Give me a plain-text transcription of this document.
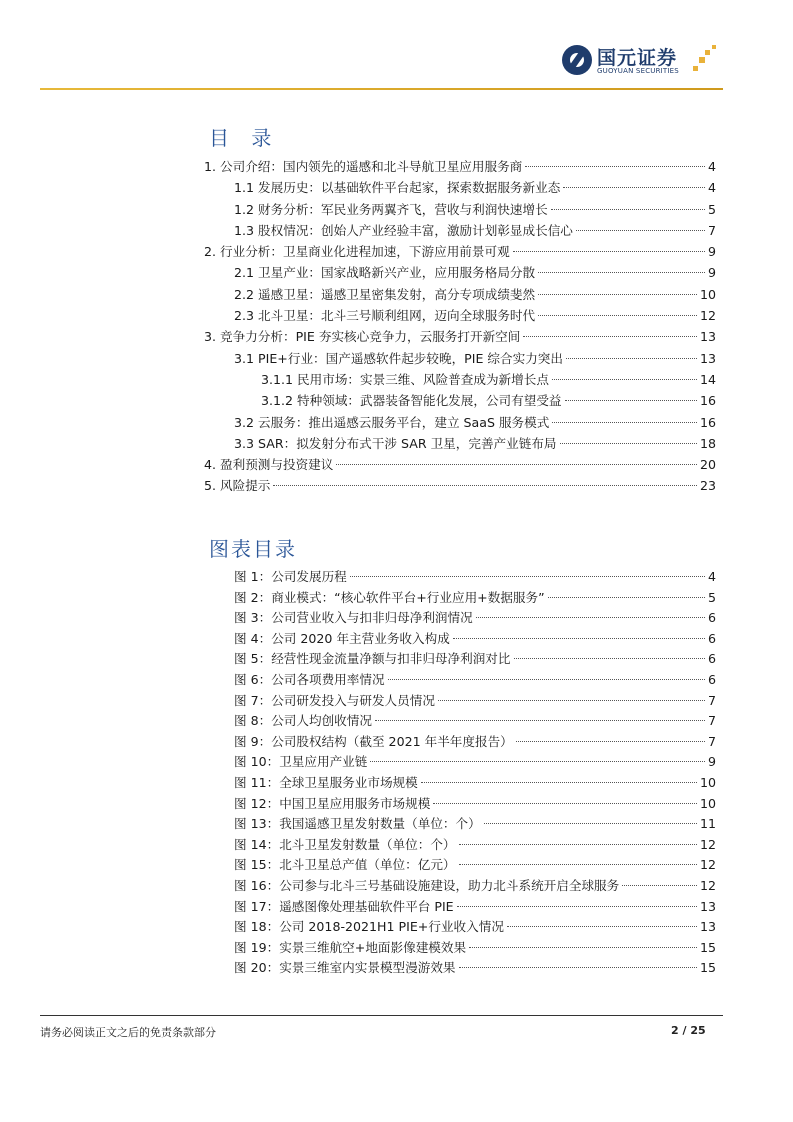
国元证券
GUOYUAN SECURITIES
目 录
1. 公司介绍：国内领先的遥感和北斗导航卫星应用服务商	4
1.1 发展历史：以基础软件平台起家，探索数据服务新业态	4
1.2 财务分析：军民业务两翼齐飞，营收与利润快速增长	5
1.3 股权情况：创始人产业经验丰富，激励计划彰显成长信心	7
2. 行业分析：卫星商业化进程加速，下游应用前景可观	9
2.1 卫星产业：国家战略新兴产业，应用服务格局分散	9
2.2 遥感卫星：遥感卫星密集发射，高分专项成绩斐然	10
2.3 北斗卫星：北斗三号顺利组网，迈向全球服务时代	12
3. 竞争力分析：PIE 夯实核心竞争力，云服务打开新空间	13
3.1 PIE+行业：国产遥感软件起步较晚，PIE 综合实力突出	13
3.1.1 民用市场：实景三维、风险普查成为新增长点	14
3.1.2 特种领域：武器装备智能化发展，公司有望受益	16
3.2 云服务：推出遥感云服务平台，建立 SaaS 服务模式	16
3.3 SAR：拟发射分布式干涉 SAR 卫星，完善产业链布局	18
4. 盈利预测与投资建议	20
5. 风险提示	23
图表目录
图 1：公司发展历程	4
图 2：商业模式：“核心软件平台+行业应用+数据服务”	5
图 3：公司营业收入与扣非归母净利润情况	6
图 4：公司 2020 年主营业务收入构成	6
图 5：经营性现金流量净额与扣非归母净利润对比	6
图 6：公司各项费用率情况	6
图 7：公司研发投入与研发人员情况	7
图 8：公司人均创收情况	7
图 9：公司股权结构（截至 2021 年半年度报告）	7
图 10：卫星应用产业链	9
图 11：全球卫星服务业市场规模	10
图 12：中国卫星应用服务市场规模	10
图 13：我国遥感卫星发射数量（单位：个）	11
图 14：北斗卫星发射数量（单位：个）	12
图 15：北斗卫星总产值（单位：亿元）	12
图 16：公司参与北斗三号基础设施建设，助力北斗系统开启全球服务	12
图 17：遥感图像处理基础软件平台 PIE	13
图 18：公司 2018-2021H1 PIE+行业收入情况	13
图 19：实景三维航空+地面影像建模效果	15
图 20：实景三维室内实景模型漫游效果	15
请务必阅读正文之后的免责条款部分	2 / 25
